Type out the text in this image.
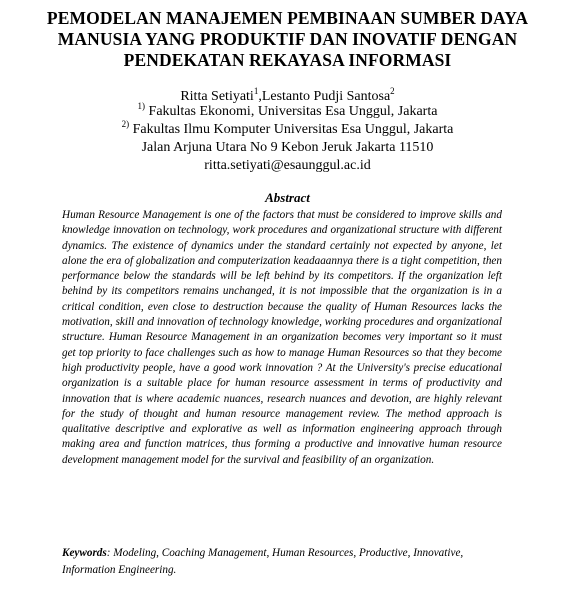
PEMODELAN MANAJEMEN PEMBINAAN SUMBER DAYA
MANUSIA YANG PRODUKTIF DAN INOVATIF DENGAN
PENDEKATAN REKAYASA INFORMASI
Ritta Setiyati$^1$,Lestanto Pudji Santosa$^2$
$^{1)}$ Fakultas Ekonomi, Universitas Esa Unggul, Jakarta
$^{2)}$ Fakultas Ilmu Komputer Universitas Esa Unggul, Jakarta
Jalan Arjuna Utara No 9 Kebon Jeruk Jakarta 11510
ritta.setiyati@esaunggul.ac.id
Abstract
Human Resource Management is one of the factors that must be considered to improve skills and knowledge innovation on technology, work procedures and organizational structure with different dynamics. The existence of dynamics under the standard certainly not expected by anyone, let alone the era of globalization and computerization keadaaannya there is a tight competition, then performance below the standards will be left behind by its competitors. If the organization left behind by its competitors remains unchanged, it is not impossible that the organization is in a critical condition, even close to destruction because the quality of Human Resources lacks the motivation, skill and innovation of technology knowledge, working procedures and organizational structure. Human Resource Management in an organization becomes very important so it must get top priority to face challenges such as how to manage Human Resources so that they become high productivity people, have a good work innovation ? At the University's precise educational organization is a suitable place for human resource assessment in terms of productivity and innovation that is where academic nuances, research nuances and devotion, are highly relevant for the study of thought and human resource management review. The method approach is qualitative descriptive and explorative as well as information engineering approach through making area and function matrices, thus forming a productive and innovative human resource development management model for the survival and feasibility of an organization.
Keywords: Modeling, Coaching Management, Human Resources, Productive, Innovative, Information Engineering.
